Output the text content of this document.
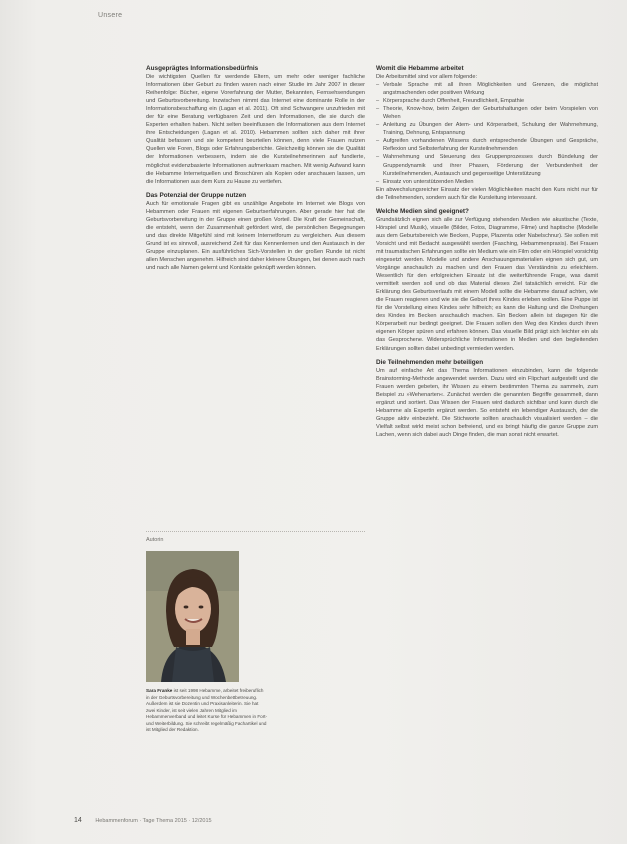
Unsere
Ausgeprägtes Informationsbedürfnis

Die wichtigsten Quellen für werdende Eltern, um mehr oder weniger fachliche Informationen über Geburt zu finden waren nach einer Studie im Jahr 2007 in dieser Reihenfolge: Bücher, eigene Vorerfahrung der Mutter, Bekannten, Fernsehsendungen und Geburtsvorbereitung. Inzwischen nimmt das Internet eine dominante Rolle in der Informationsbeschaffung ein (Lagan et al. 2011). Oft sind Schwangere unzufrieden mit der für eine Beratung verfügbaren Zeit und den Informationen, die sie durch die Experten erhalten haben. Nicht selten beeinflussen die Informationen aus dem Internet ihre Entscheidungen (Lagan et al. 2010). Hebammen sollten sich daher mit ihrer Qualität befassen und sie kompetent beurteilen können, denn viele Frauen nutzen Quellen wie Foren, Blogs oder Erfahrungsberichte. Gleichzeitig können sie die Qualität der Informationen verbessern, indem sie die Kursteilnehmerinnen auf fundierte, möglichst evidenzbasierte Informationen aufmerksam machen. Mit wenig Aufwand kann die Hebamme Internetquellen und Broschüren als Kopien oder anschauen lassen, um die Informationen aus dem Kurs zu Hause zu vertiefen.

Das Potenzial der Gruppe nutzen

Auch für emotionale Fragen gibt es unzählige Angebote im Internet wie Blogs von Hebammen oder Frauen mit eigenen Geburtserfahrungen. Aber gerade hier hat die Geburtsvorbereitung in der Gruppe einen großen Vorteil. Die Kraft der Gemeinschaft, die entsteht, wenn der Zusammenhalt gefördert wird, die persönlichen Begegnungen und das direkte Mitgefühl sind mit keinem Internetforum zu vergleichen. Aus diesem Grund ist es sinnvoll, ausreichend Zeit für das Kennenlernen und den Austausch in der Gruppe einzuplanen. Ein ausführliches Sich-Vorstellen in der großen Runde ist nicht allen Menschen angenehm. Hilfreich sind daher kleinere Übungen, bei denen auch nach und nach alle Namen gelernt und Kontakte geknüpft werden können.

Autorin
Sara Franke ist seit 1998 Hebamme, arbeitet freiberuflich in der Geburtsvorbereitung und Wochenbettbetreuung. Außerdem ist sie Dozentin und Praxisanleiterin. Sie hat zwei Kinder, ist seit vielen Jahren Mitglied im Hebammenverband und leitet Kurse für Hebammen in Fort- und Weiterbildung. Sie schreibt regelmäßig Fachartikel und ist Mitglied der Redaktion.
Womit die Hebamme arbeitet

Die Arbeitsmittel sind vor allem folgende:

– Verbale Sprache mit all ihren Möglichkeiten und Grenzen, die möglichst angstmachenden oder positiven Wirkung
– Körpersprache durch Offenheit, Freundlichkeit, Empathie
– Theorie, Know-how, beim Zeigen der Geburtshaltungen oder beim Vorspielen von Wehen
– Anleitung zu Übungen der Atem- und Körperarbeit, Schulung der Wahrnehmung, Training, Dehnung, Entspannung
– Aufgreifen vorhandenen Wissens durch entsprechende Übungen und Gespräche, Reflexion und Selbsterfahrung der Kursteilnehmenden
– Wahrnehmung und Steuerung des Gruppenprozesses durch Bündelung der Gruppendynamik und ihrer Phasen, Förderung der Verbundenheit der Kursteilnehmenden, Austausch und gegenseitige Unterstützung
– Einsatz von unterstützenden Medien

Ein abwechslungsreicher Einsatz der vielen Möglichkeiten macht den Kurs nicht nur für die Teilnehmenden, sondern auch für die Kursleitung interessant.

Welche Medien sind geeignet?

Grundsätzlich eignen sich alle zur Verfügung stehenden Medien wie akustische (Texte, Hörspiel und Musik), visuelle (Bilder, Fotos, Diagramme, Filme) und haptische (Modelle aus dem Geburtsbereich wie Becken, Puppe, Plazenta oder Nabelschnur). Sie sollen mit Vorsicht und mit Bedacht ausgewählt werden (Fasching, Hebammenpraxis). Bei Frauen mit traumatischen Erfahrungen sollte ein Medium wie ein Film oder ein Hörspiel vorsichtig eingesetzt werden. Modelle und andere Anschauungsmaterialien eignen sich gut, um Vorgänge anschaulich zu machen und den Frauen das Verständnis zu erleichtern. Wesentlich für den erfolgreichen Einsatz ist die weiterführende Frage, was damit vermittelt werden soll und ob das Material dieses Ziel tatsächlich erreicht. Für die Erklärung des Geburtsverlaufs mit einem Modell sollte die Hebamme darauf achten, wie die Frauen reagieren und wie sie die Geburt ihres Kindes erleben wollen. Eine Puppe ist für die Vorstellung eines Kindes sehr hilfreich; es kann die Haltung und die Drehungen des Kindes im Becken anschaulich machen. Ein Becken allein ist dagegen für die Körperarbeit nur bedingt geeignet. Die Frauen sollen den Weg des Kindes durch ihren eigenen Körper spüren und erfahren können. Das visuelle Bild prägt sich leichter ein als das Gesprochene. Widersprüchliche Informationen in Medien und den begleitenden Erklärungen sollten dabei unbedingt vermieden werden.

Die Teilnehmenden mehr beteiligen

Um auf einfache Art das Thema Informationen einzubinden, kann die folgende Brainstorming-Methode angewendet werden. Dazu wird ein Flipchart aufgestellt und die Frauen werden gebeten, ihr Wissen zu einem bestimmten Thema zu sammeln, zum Beispiel zu »Wehenarten«. Zunächst werden die genannten Begriffe gesammelt, dann ergänzt und sortiert. Das Wissen der Frauen wird dadurch sichtbar und kann durch die Hebamme als Expertin ergänzt werden. So entsteht ein lebendiger Austausch, der die Gruppe aktiv einbezieht. Die Stichworte sollten anschaulich visualisiert werden – die Vielfalt selbst wirkt meist schon befreiend, und es bringt häufig die ganze Gruppe zum Lachen, wenn sich dabei auch Dinge finden, die man sonst nicht erwartet.

14 Hebammenforum · Tage Thema 2015 · 12/2015
